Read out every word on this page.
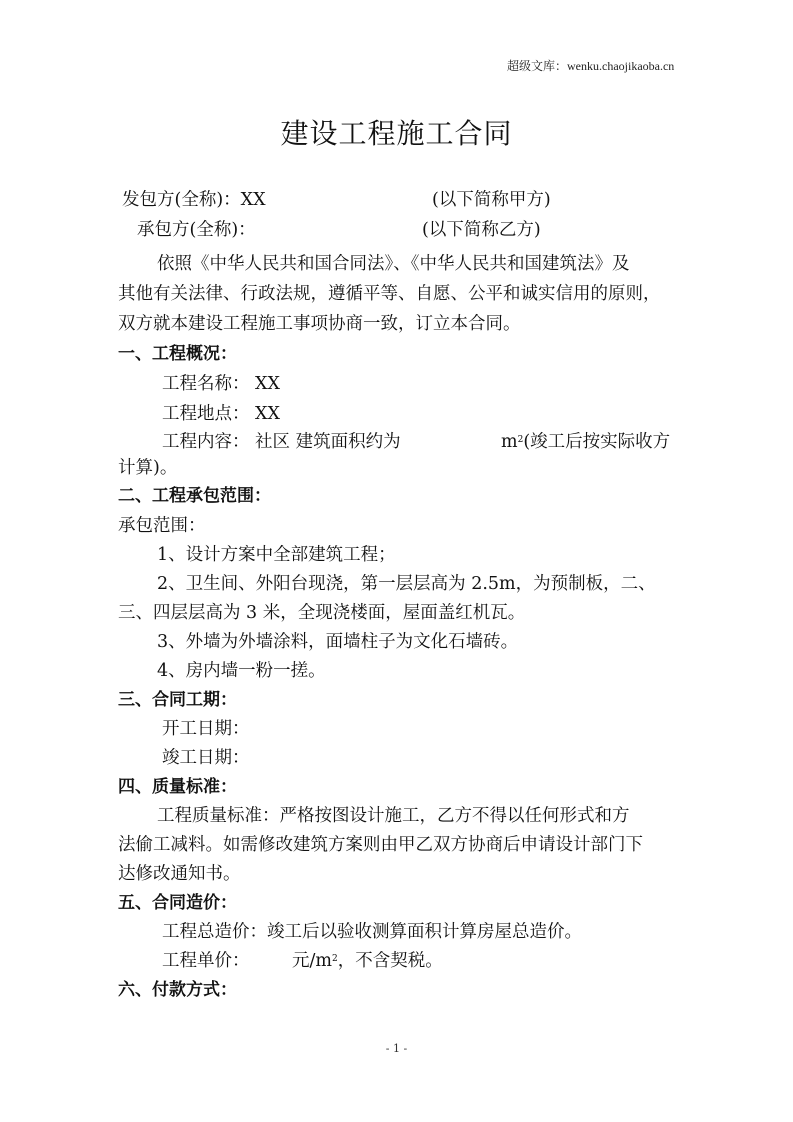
超级文库：wenku.chaojikaoba.cn
建设工程施工合同
发包方(全称)：XX	(以下简称甲方)
承包方(全称)：	(以下简称乙方)
依照《中华人民共和国合同法》、《中华人民共和国建筑法》及
其他有关法律、行政法规，遵循平等、自愿、公平和诚实信用的原则，
双方就本建设工程施工事项协商一致，订立本合同。
一、工程概况：
工程名称： XX
工程地点： XX
工程内容： 社区 建筑面积约为	$m^2$(竣工后按实际收方
计算)。
二、工程承包范围：
承包范围：
1、设计方案中全部建筑工程；
2、卫生间、外阳台现浇，第一层层高为 2.5m，为预制板，二、
三、四层层高为 3 米，全现浇楼面，屋面盖红机瓦。
3、外墙为外墙涂料，面墙柱子为文化石墙砖。
4、房内墙一粉一搓。
三、合同工期：
开工日期：
竣工日期：
四、质量标准：
工程质量标准：严格按图设计施工，乙方不得以任何形式和方
法偷工减料。如需修改建筑方案则由甲乙双方协商后申请设计部门下
达修改通知书。
五、合同造价：
工程总造价：竣工后以验收测算面积计算房屋总造价。
工程单价： 元$/m^2$，不含契税。
六、付款方式：
- 1 -
